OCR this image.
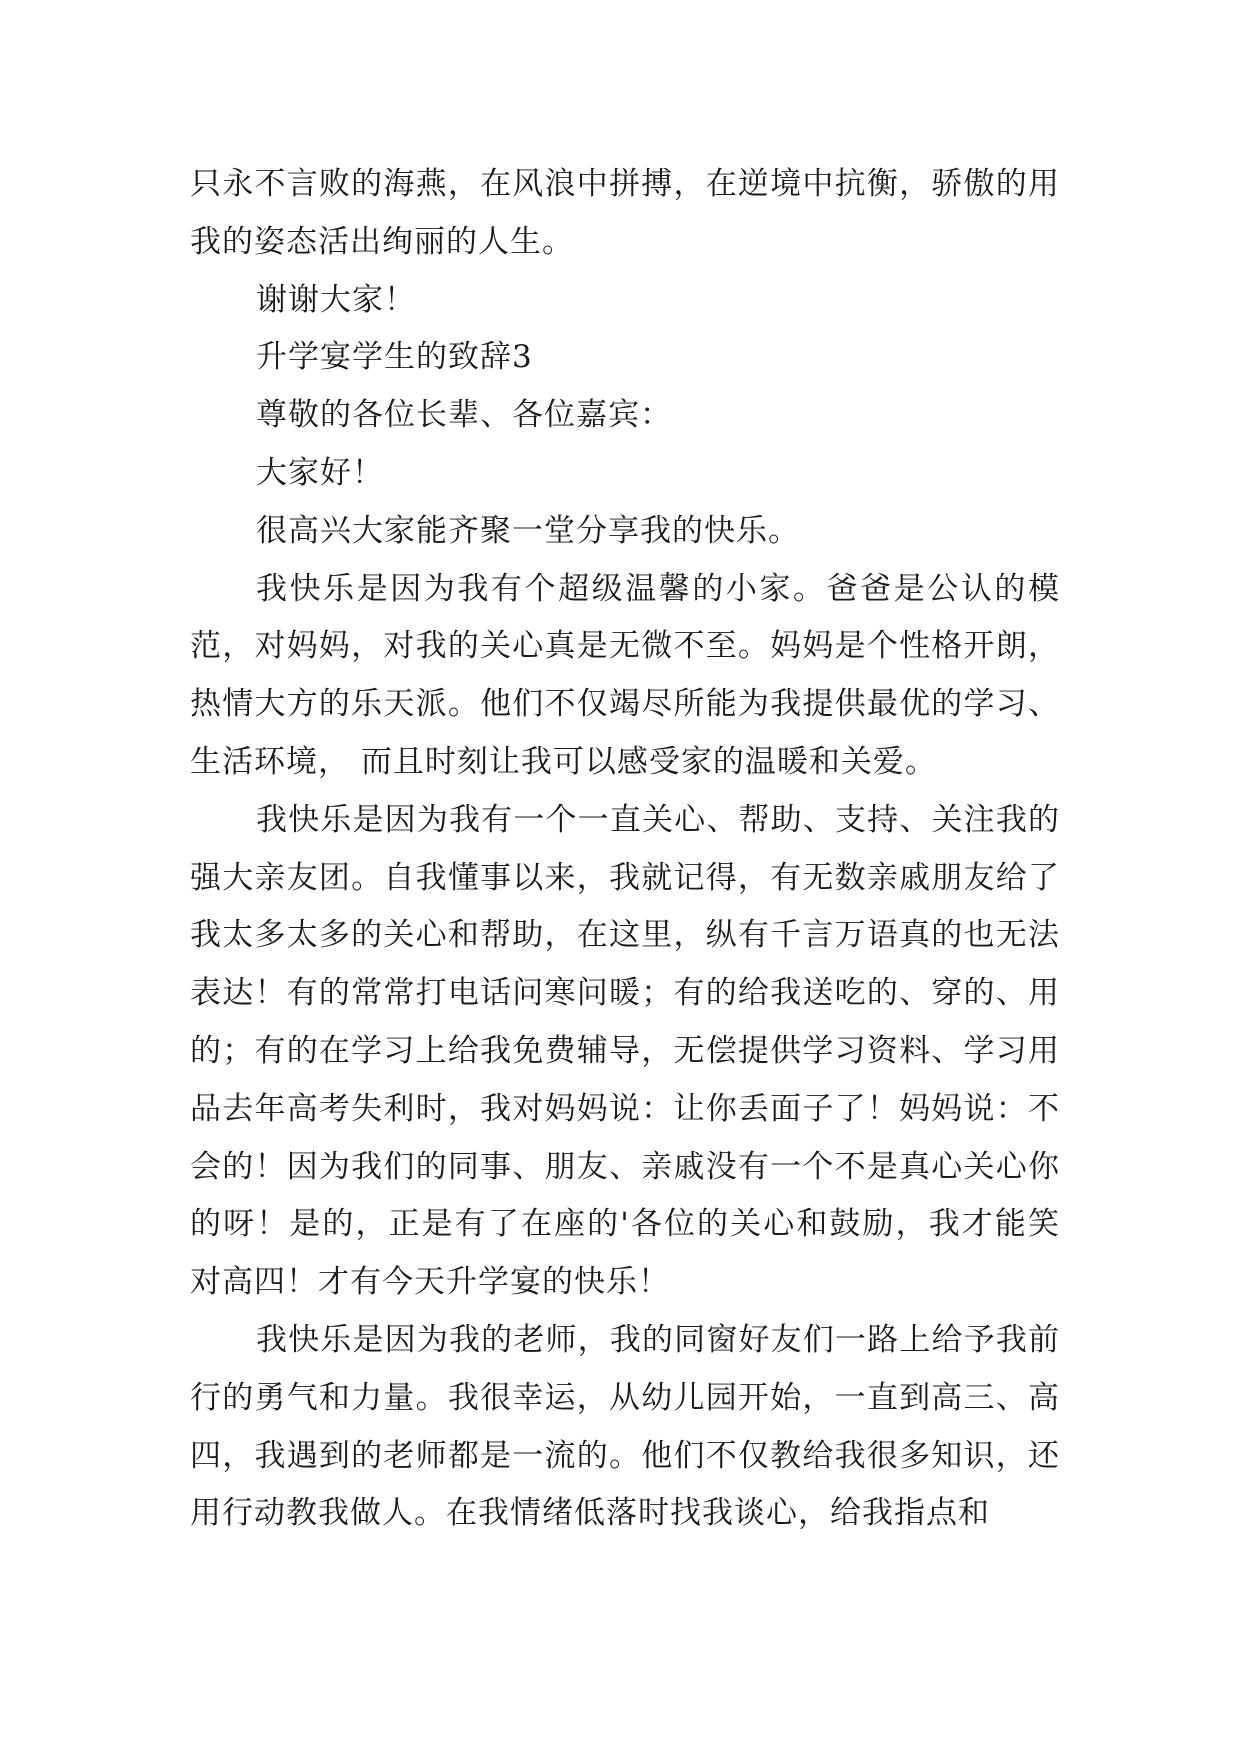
只永不言败的海燕，在风浪中拼搏，在逆境中抗衡，骄傲的用我的姿态活出绚丽的人生。

谢谢大家！

升学宴学生的致辞3

尊敬的各位长辈、各位嘉宾：

大家好！

很高兴大家能齐聚一堂分享我的快乐。

我快乐是因为我有个超级温馨的小家。爸爸是公认的模范，对妈妈，对我的关心真是无微不至。妈妈是个性格开朗，热情大方的乐天派。他们不仅竭尽所能为我提供最优的学习、生活环境， 而且时刻让我可以感受家的温暖和关爱。

我快乐是因为我有一个一直关心、帮助、支持、关注我的强大亲友团。自我懂事以来，我就记得，有无数亲戚朋友给了我太多太多的关心和帮助，在这里，纵有千言万语真的也无法表达！有的常常打电话问寒问暖；有的给我送吃的、穿的、用的；有的在学习上给我免费辅导，无偿提供学习资料、学习用品去年高考失利时，我对妈妈说：让你丢面子了！妈妈说：不会的！因为我们的同事、朋友、亲戚没有一个不是真心关心你的呀！是的，正是有了在座的'各位的关心和鼓励，我才能笑对高四！才有今天升学宴的快乐！

我快乐是因为我的老师，我的同窗好友们一路上给予我前行的勇气和力量。我很幸运，从幼儿园开始，一直到高三、高四，我遇到的老师都是一流的。他们不仅教给我很多知识，还用行动教我做人。在我情绪低落时找我谈心，给我指点和
